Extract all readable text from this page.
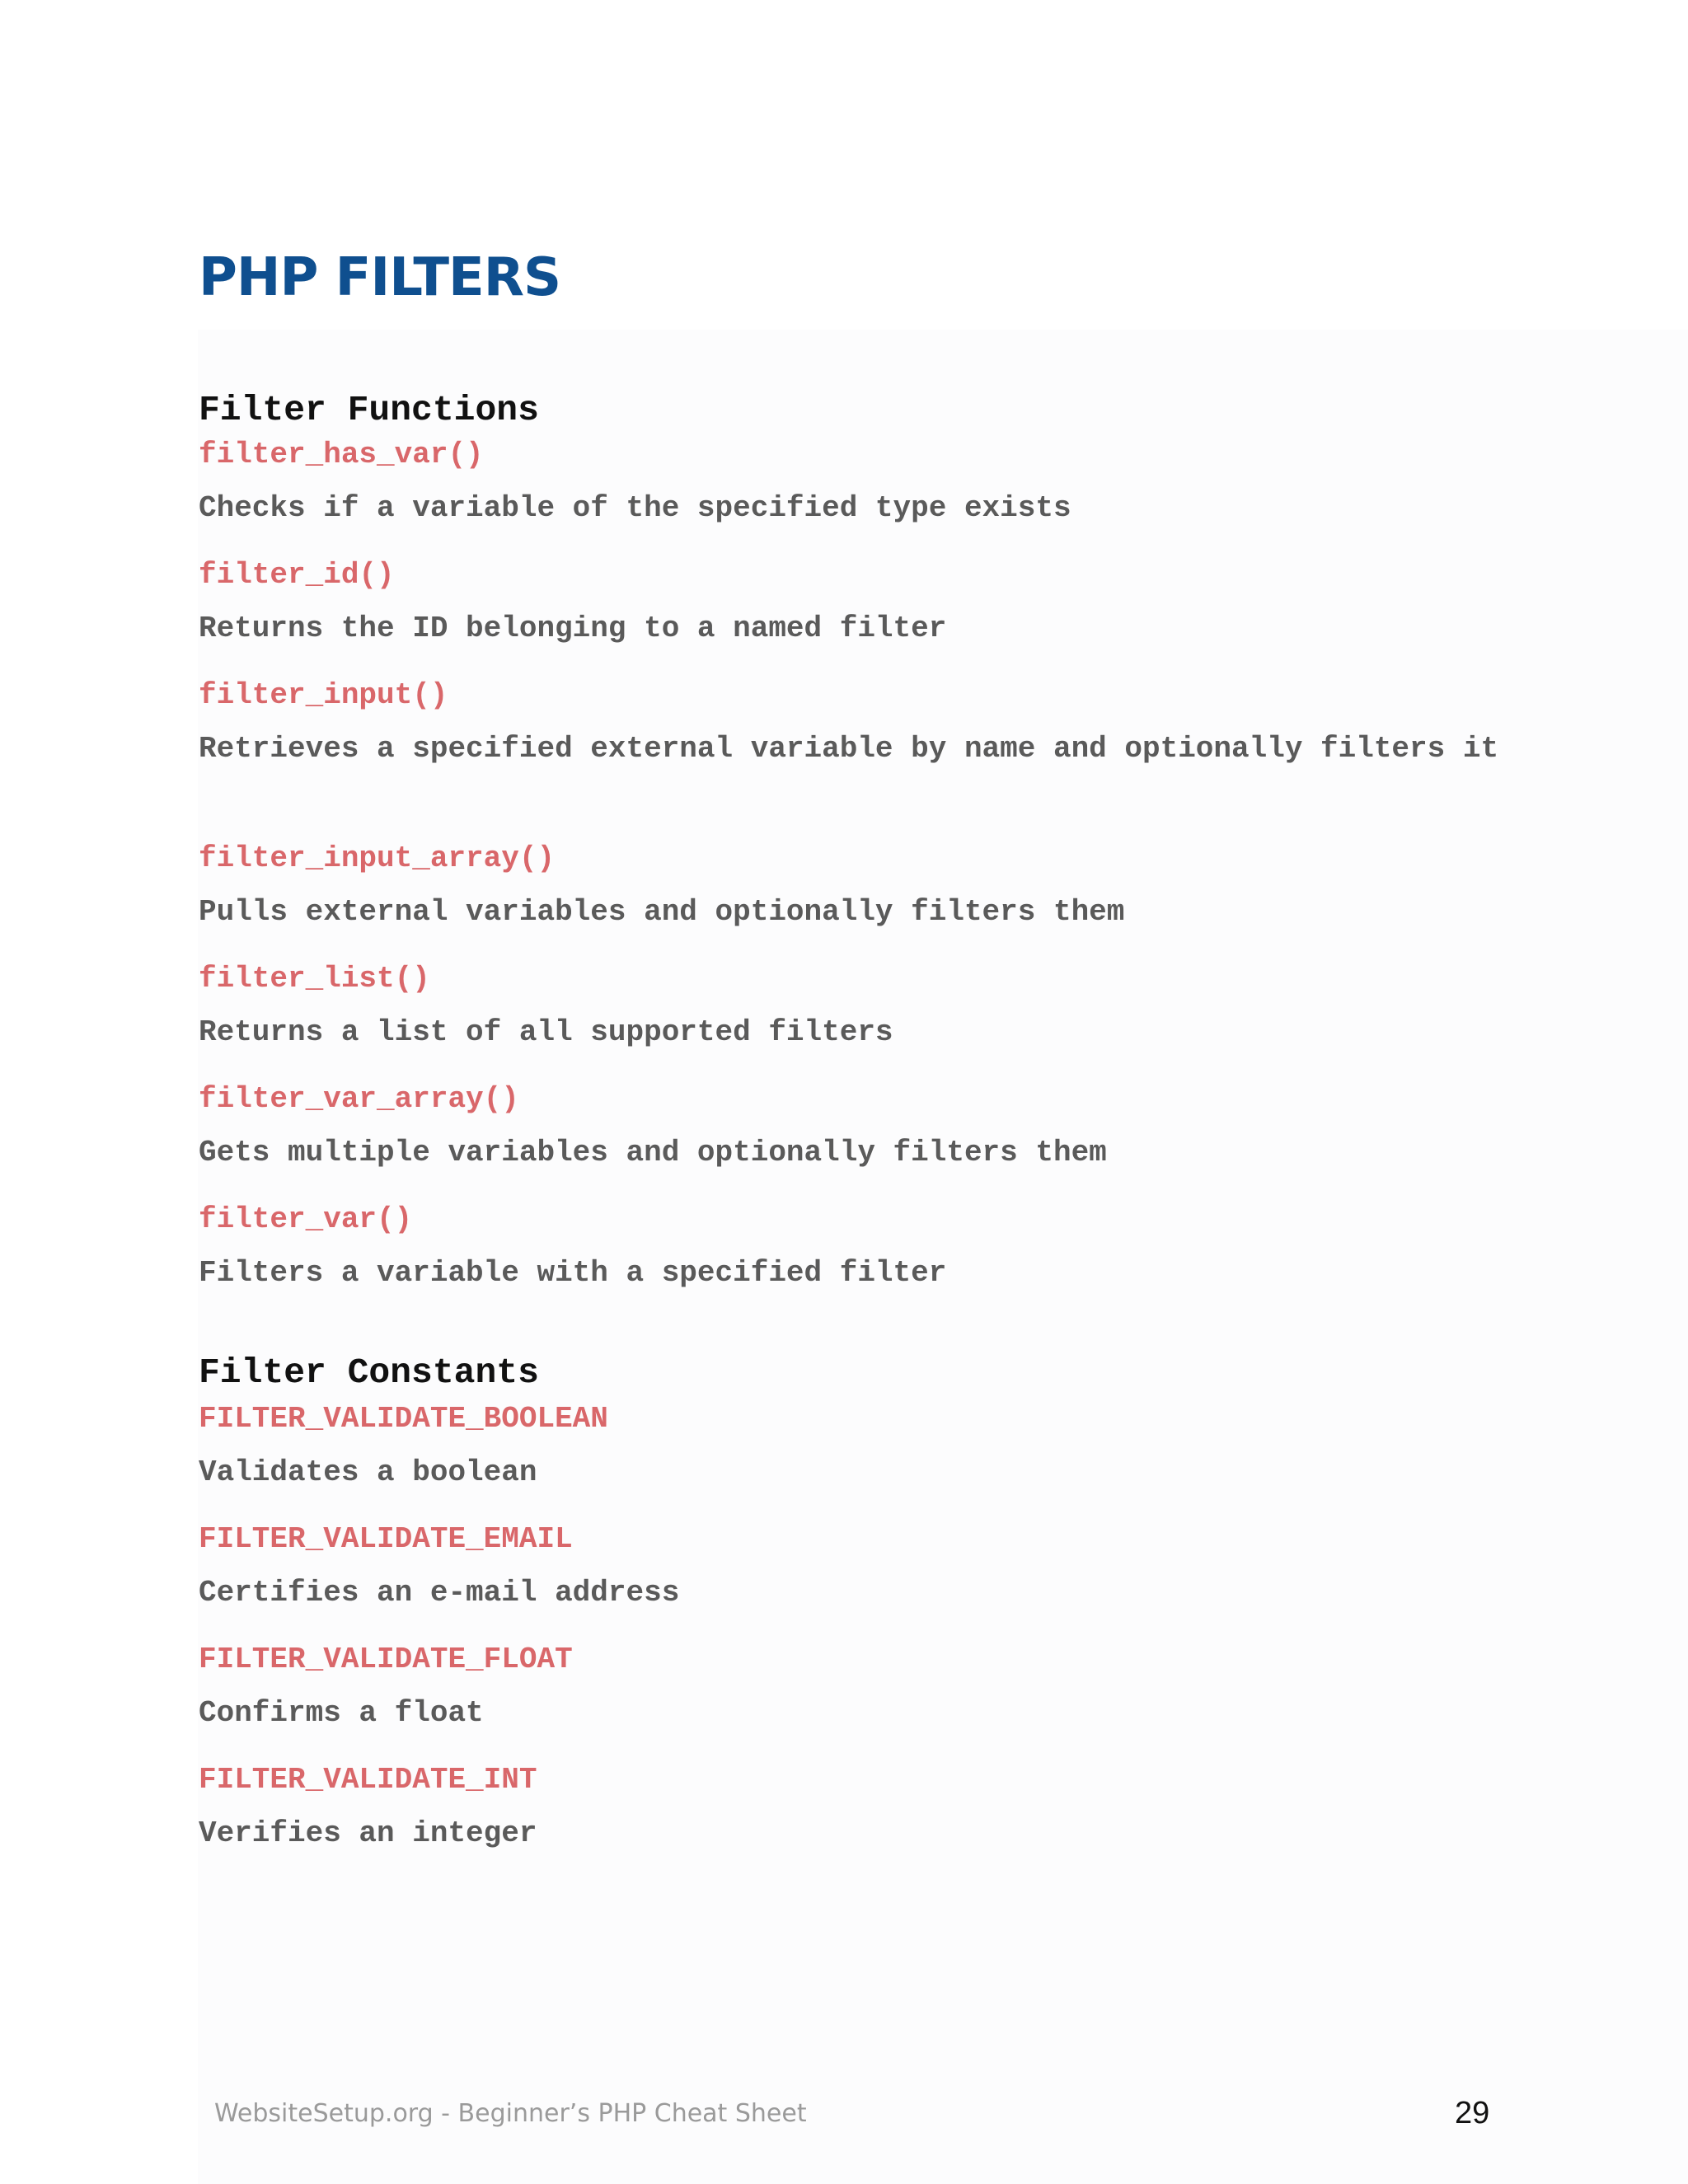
PHP FILTERS
Filter Functions
filter_has_var()
Checks if a variable of the specified type exists
filter_id()
Returns the ID belonging to a named filter
filter_input()
Retrieves a specified external variable by name and optionally filters it
filter_input_array()
Pulls external variables and optionally filters them
filter_list()
Returns a list of all supported filters
filter_var_array()
Gets multiple variables and optionally filters them
filter_var()
Filters a variable with a specified filter
Filter Constants
FILTER_VALIDATE_BOOLEAN
Validates a boolean
FILTER_VALIDATE_EMAIL
Certifies an e-mail address
FILTER_VALIDATE_FLOAT
Confirms a float
FILTER_VALIDATE_INT
Verifies an integer
WebsiteSetup.org - Beginner’s PHP Cheat Sheet	29
